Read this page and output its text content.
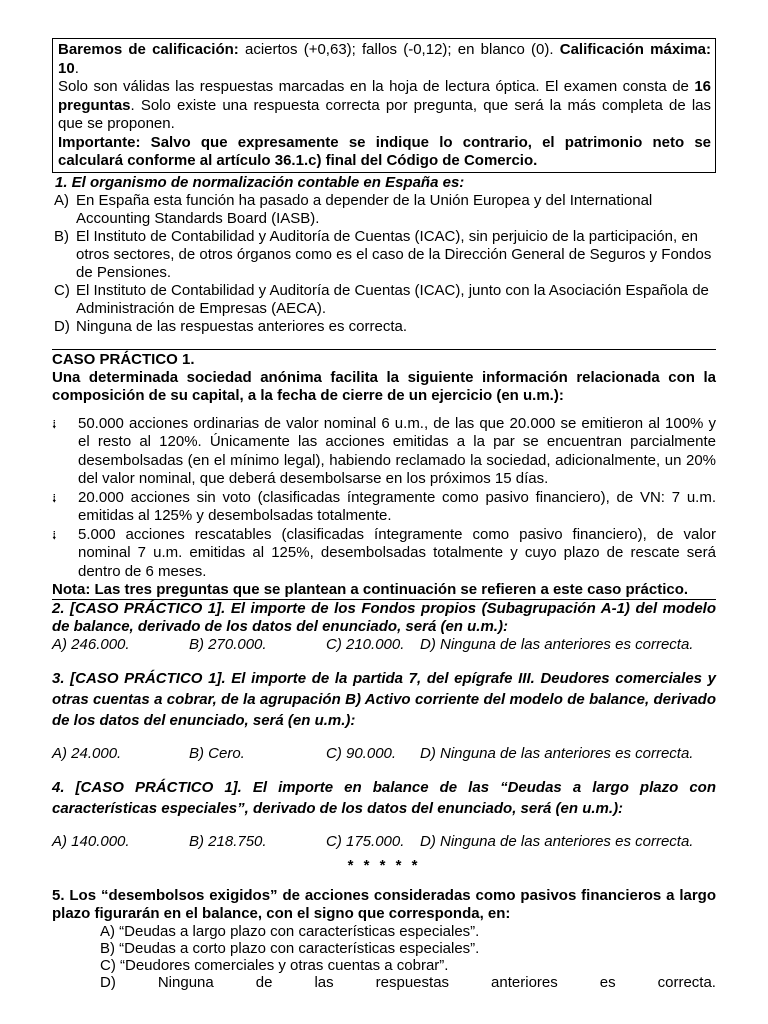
Baremos de calificación: aciertos (+0,63); fallos (-0,12); en blanco (0). Calificación máxima: 10.

Solo son válidas las respuestas marcadas en la hoja de lectura óptica. El examen consta de 16 preguntas. Solo existe una respuesta correcta por pregunta, que será la más completa de las que se proponen.

Importante: Salvo que expresamente se indique lo contrario, el patrimonio neto se calculará conforme al artículo 36.1.c) final del Código de Comercio.

1. El organismo de normalización contable en España es:

A) En España esta función ha pasado a depender de la Unión Europea y del International Accounting Standards Board (IASB).
B) El Instituto de Contabilidad y Auditoría de Cuentas (ICAC), sin perjuicio de la participación, en otros sectores, de otros órganos como es el caso de la Dirección General de Seguros y Fondos de Pensiones.
C) El Instituto de Contabilidad y Auditoría de Cuentas (ICAC), junto con la Asociación Española de Administración de Empresas (AECA).
D) Ninguna de las respuestas anteriores es correcta.

CASO PRÁCTICO 1.

Una determinada sociedad anónima facilita la siguiente información relacionada con la composición de su capital, a la fecha de cierre de un ejercicio (en u.m.):

⭭	50.000 acciones ordinarias de valor nominal 6 u.m., de las que 20.000 se emitieron al 100% y el resto al 120%. Únicamente las acciones emitidas a la par se encuentran parcialmente desembolsadas (en el mínimo legal), habiendo reclamado la sociedad, adicionalmente, un 20% del valor nominal, que deberá desembolsarse en los próximos 15 días.
⭭	20.000 acciones sin voto (clasificadas íntegramente como pasivo financiero), de VN: 7 u.m. emitidas al 125% y desembolsadas totalmente.
⭭	5.000 acciones rescatables (clasificadas íntegramente como pasivo financiero), de valor nominal 7 u.m. emitidas al 125%, desembolsadas totalmente y cuyo plazo de rescate será dentro de 6 meses.
Nota: Las tres preguntas que se plantean a continuación se refieren a este caso práctico.

2. [CASO PRÁCTICO 1]. El importe de los Fondos propios (Subagrupación A-1) del modelo de balance, derivado de los datos del enunciado, será (en u.m.):

A) 246.000.	B) 270.000.	C) 210.000.	D) Ninguna de las anteriores es correcta.

3. [CASO PRÁCTICO 1]. El importe de la partida 7, del epígrafe III. Deudores comerciales y otras cuentas a cobrar, de la agrupación B) Activo corriente del modelo de balance, derivado de los datos del enunciado, será (en u.m.):

A) 24.000.	B) Cero.	C) 90.000.	D) Ninguna de las anteriores es correcta.

4. [CASO PRÁCTICO 1]. El importe en balance de las “Deudas a largo plazo con características especiales”, derivado de los datos del enunciado, será (en u.m.):

A) 140.000.	B) 218.750.	C) 175.000.	D) Ninguna de las anteriores es correcta.
* * * * *

5. Los “desembolsos exigidos” de acciones consideradas como pasivos financieros a largo plazo figurarán en el balance, con el signo que corresponda, en:

A) “Deudas a largo plazo con características especiales”.
B) “Deudas a corto plazo con características especiales”.
C) “Deudores comerciales y otras cuentas a cobrar”.
D)	Ninguna	de	las	respuestas	anteriores	es	correcta.
